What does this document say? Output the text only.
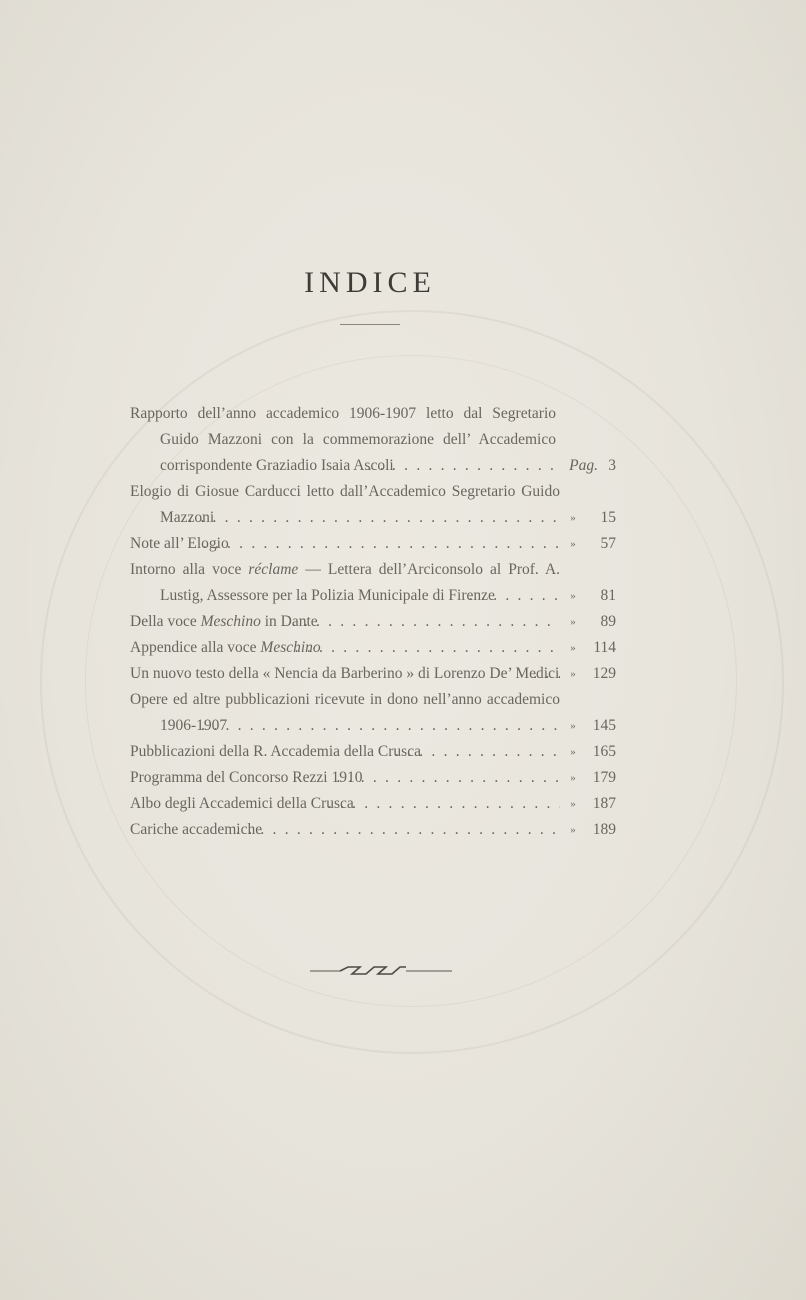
INDICE
Rapporto dell’anno accademico 1906-1907 letto dal Segretario Guido Mazzoni con la commemorazione dell’ Accademico corrispondente Graziadio Isaia Ascoli . . .	Pag. 3
Elogio di Giosue Carducci letto dall’Accademico Segretario Guido Mazzoni . . .	»	15
Note all’ Elogio . . .	»	57
Intorno alla voce réclame — Lettera dell’Arciconsolo al Prof. A. Lustig, Assessore per la Polizia Municipale di Firenze . . .	»	81
Della voce Meschino in Dante . . .	»	89
Appendice alla voce Meschino . . .	»	114
Un nuovo testo della « Nencia da Barberino » di Lorenzo De’ Medici . . . »	129
Opere ed altre pubblicazioni ricevute in dono nell’anno accademico 1906-1907 . . .	»	145
Pubblicazioni della R. Accademia della Crusca . . .	»	165
Programma del Concorso Rezzi 1910 . . .	»	179
Albo degli Accademici della Crusca . . .	»	187
Cariche accademiche . . .	»	189
